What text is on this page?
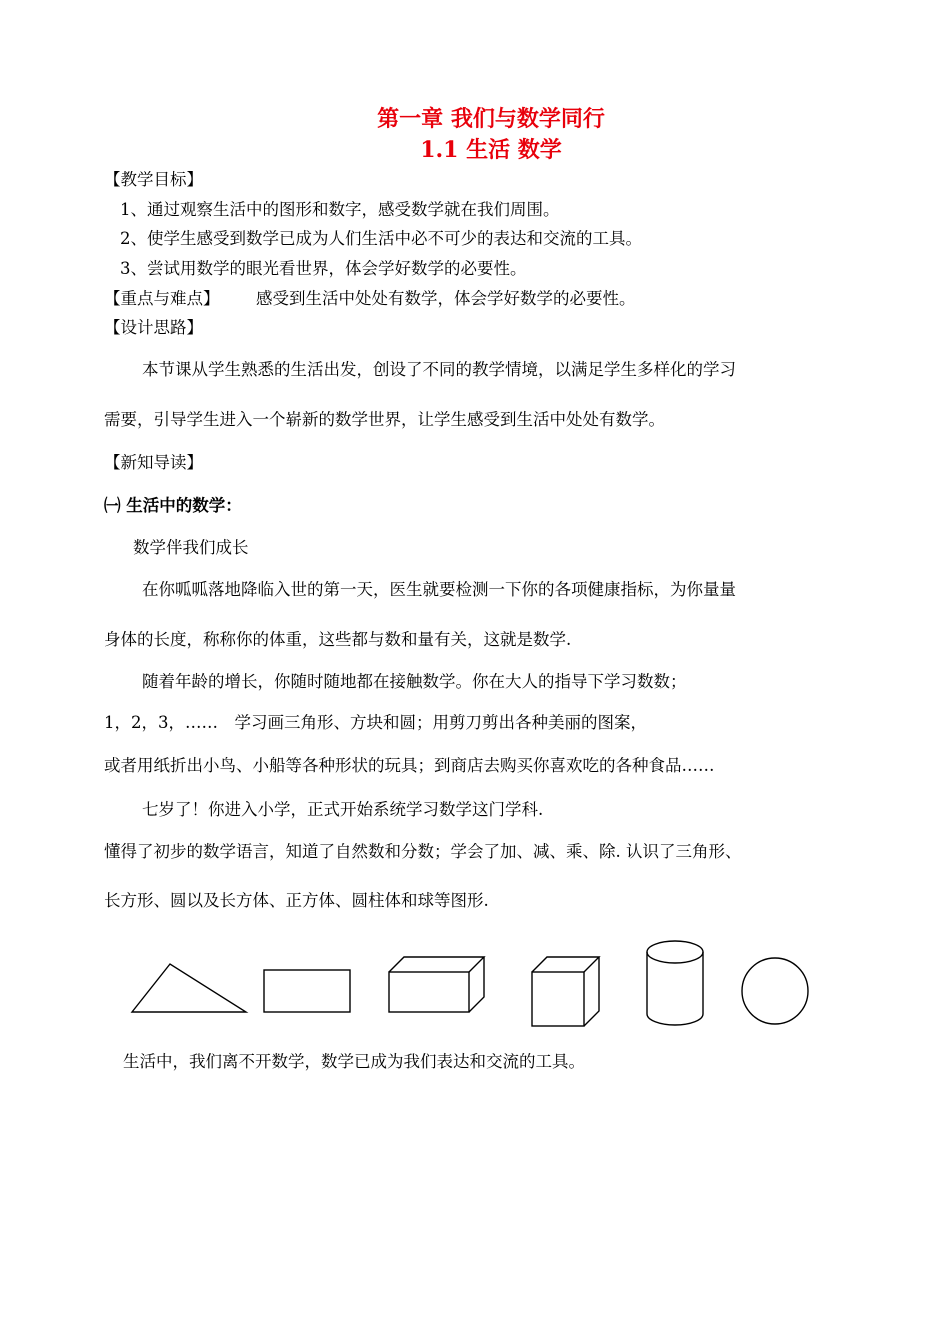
第一章 我们与数学同行
1.1 生活 数学
【教学目标】
1、通过观察生活中的图形和数字，感受数学就在我们周围。
2、使学生感受到数学已成为人们生活中必不可少的表达和交流的工具。
3、尝试用数学的眼光看世界，体会学好数学的必要性。
【重点与难点】 感受到生活中处处有数学，体会学好数学的必要性。
【设计思路】
本节课从学生熟悉的生活出发，创设了不同的教学情境，以满足学生多样化的学习
需要，引导学生进入一个崭新的数学世界，让学生感受到生活中处处有数学。
【新知导读】
㈠ 生活中的数学：
数学伴我们成长
在你呱呱落地降临入世的第一天，医生就要检测一下你的各项健康指标，为你量量
身体的长度，称称你的体重，这些都与数和量有关，这就是数学.
随着年龄的增长，你随时随地都在接触数学。你在大人的指导下学习数数；
1，2，3，……　学习画三角形、方块和圆；用剪刀剪出各种美丽的图案，
或者用纸折出小鸟、小船等各种形状的玩具；到商店去购买你喜欢吃的各种食品……
七岁了！你进入小学，正式开始系统学习数学这门学科.
懂得了初步的数学语言，知道了自然数和分数；学会了加、减、乘、除. 认识了三角形、
长方形、圆以及长方体、正方体、圆柱体和球等图形.
生活中，我们离不开数学，数学已成为我们表达和交流的工具。
